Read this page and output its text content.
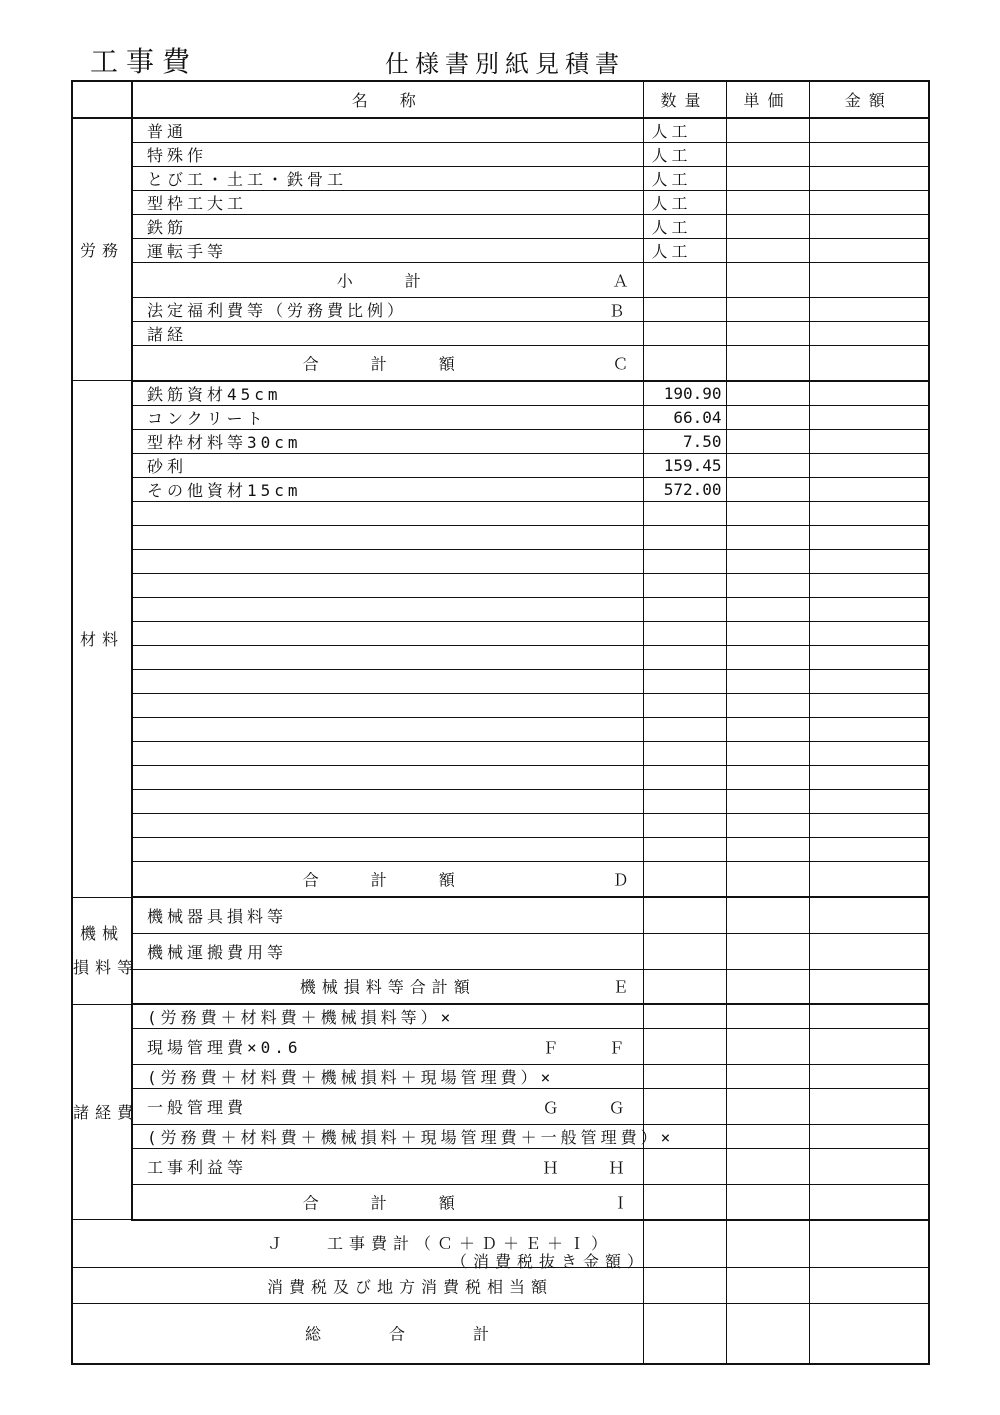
工事費	仕様書別紙見積書
	名　称	数量	単価	金額
労務	普通	人工		
	特殊作	人工		
	とび工・土工・鉄骨工	人工		
	型枠工大工	人工		
	鉄筋	人工		
	運転手等	人工		

	小　計 Ａ			

	法定福利費等（労務費比例） Ｂ			

	諸経			

	合　計　額 Ｃ			

材料	鉄筋資材45cm	190.90		
	コンクリート	66.04		
	型枠材料等30cm	7.50		
	砂利	159.45		
	その他資材15cm	572.00		

	合　計　額 Ｄ			

機械
損料等	機械器具損料等			
	機械運搬費用等			

	機械損料等合計額 Ｅ			

諸経費	(労務費＋材料費＋機械損料等）×			
	現場管理費×0.6 Ｆ Ｆ			

	(労務費＋材料費＋機械損料＋現場管理費）×			
	一般管理費 Ｇ Ｇ			

	(労務費＋材料費＋機械損料＋現場管理費＋一般管理費）×			
	工事利益等 Ｈ Ｈ			

	合　計　額 Ｉ			

Ｊ 工事費計（Ｃ＋Ｄ＋Ｅ＋Ｉ）
（消費税抜き金額）				

消費税及び地方消費税相当額				

総　合　計				
